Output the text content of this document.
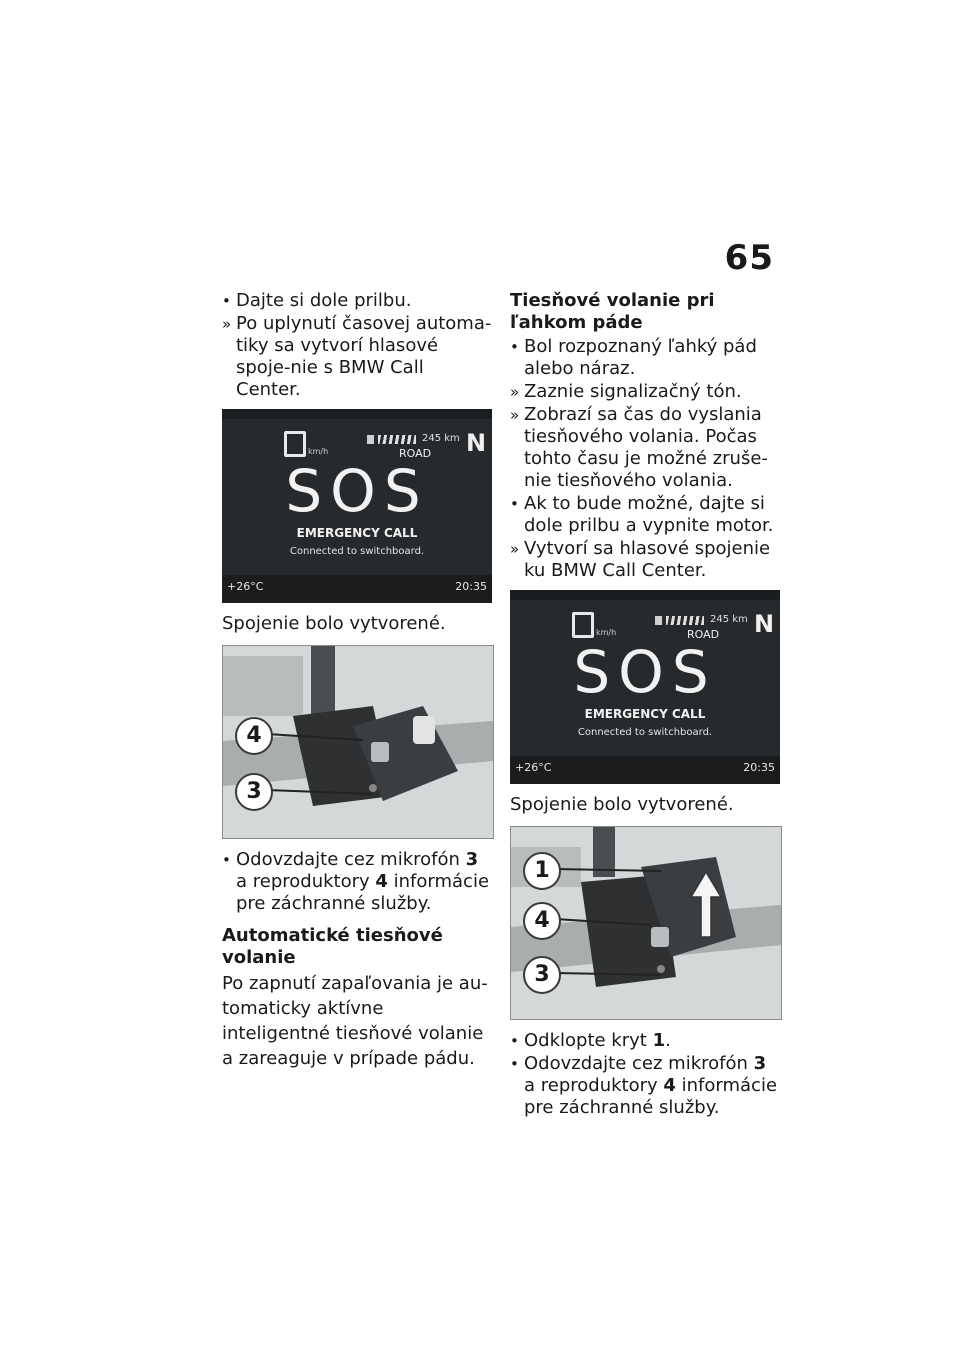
65
• Dajte si dole prilbu.
» Po uplynutí časovej automa-tiky sa vytvorí hlasové spoje-nie s BMW Call Center.
km/h
245 km
ROAD N
SOS
EMERGENCY CALL
Connected to switchboard.
+26°C	20:35

Spojenie bolo vytvorené.

4
3
• Odovzdajte cez mikrofón 3 a reproduktory 4 informácie pre záchranné služby.
Automatické tiesňové volanie

Po zapnutí zapaľovania je au-tomaticky aktívne inteligentné tiesňové volanie a zareaguje v prípade pádu.

Tiesňové volanie pri ľahkom páde
• Bol rozpoznaný ľahký pád alebo náraz.
» Zaznie signalizačný tón.
» Zobrazí sa čas do vyslania tiesňového volania. Počas tohto času je možné zruše-nie tiesňového volania.
• Ak to bude možné, dajte si dole prilbu a vypnite motor.
» Vytvorí sa hlasové spojenie ku BMW Call Center.
km/h
245 km
ROAD N
SOS
EMERGENCY CALL
Connected to switchboard.
+26°C	20:35

Spojenie bolo vytvorené.

1
4
3
• Odklopte kryt 1.
• Odovzdajte cez mikrofón 3 a reproduktory 4 informácie pre záchranné služby.
